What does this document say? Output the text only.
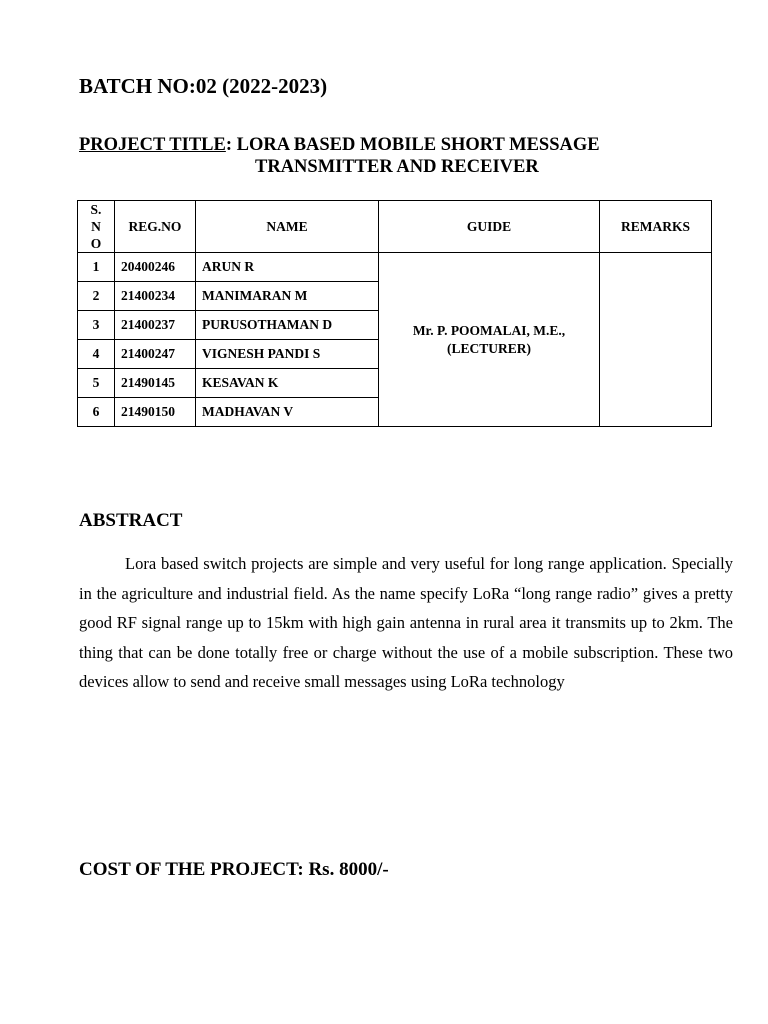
BATCH NO:02 (2022-2023)
PROJECT TITLE: LORA BASED MOBILE SHORT MESSAGE
TRANSMITTER AND RECEIVER
S.
N
O	REG.NO	NAME	GUIDE	REMARKS
1	20400246	ARUN R	Mr. P. POOMALAI, M.E.,
(LECTURER)	
2	21400234	MANIMARAN M		
3	21400237	PURUSOTHAMAN D		
4	21400247	VIGNESH PANDI S		
5	21490145	KESAVAN K		
6	21490150	MADHAVAN V		
ABSTRACT

Lora based switch projects are simple and very useful for long range application. Specially in the agriculture and industrial field. As the name specify LoRa “long range radio” gives a pretty good RF signal range up to 15km with high gain antenna in rural area it transmits up to 2km. The thing that can be done totally free or charge without the use of a mobile subscription. These two devices allow to send and receive small messages using LoRa technology

COST OF THE PROJECT: Rs. 8000/-
